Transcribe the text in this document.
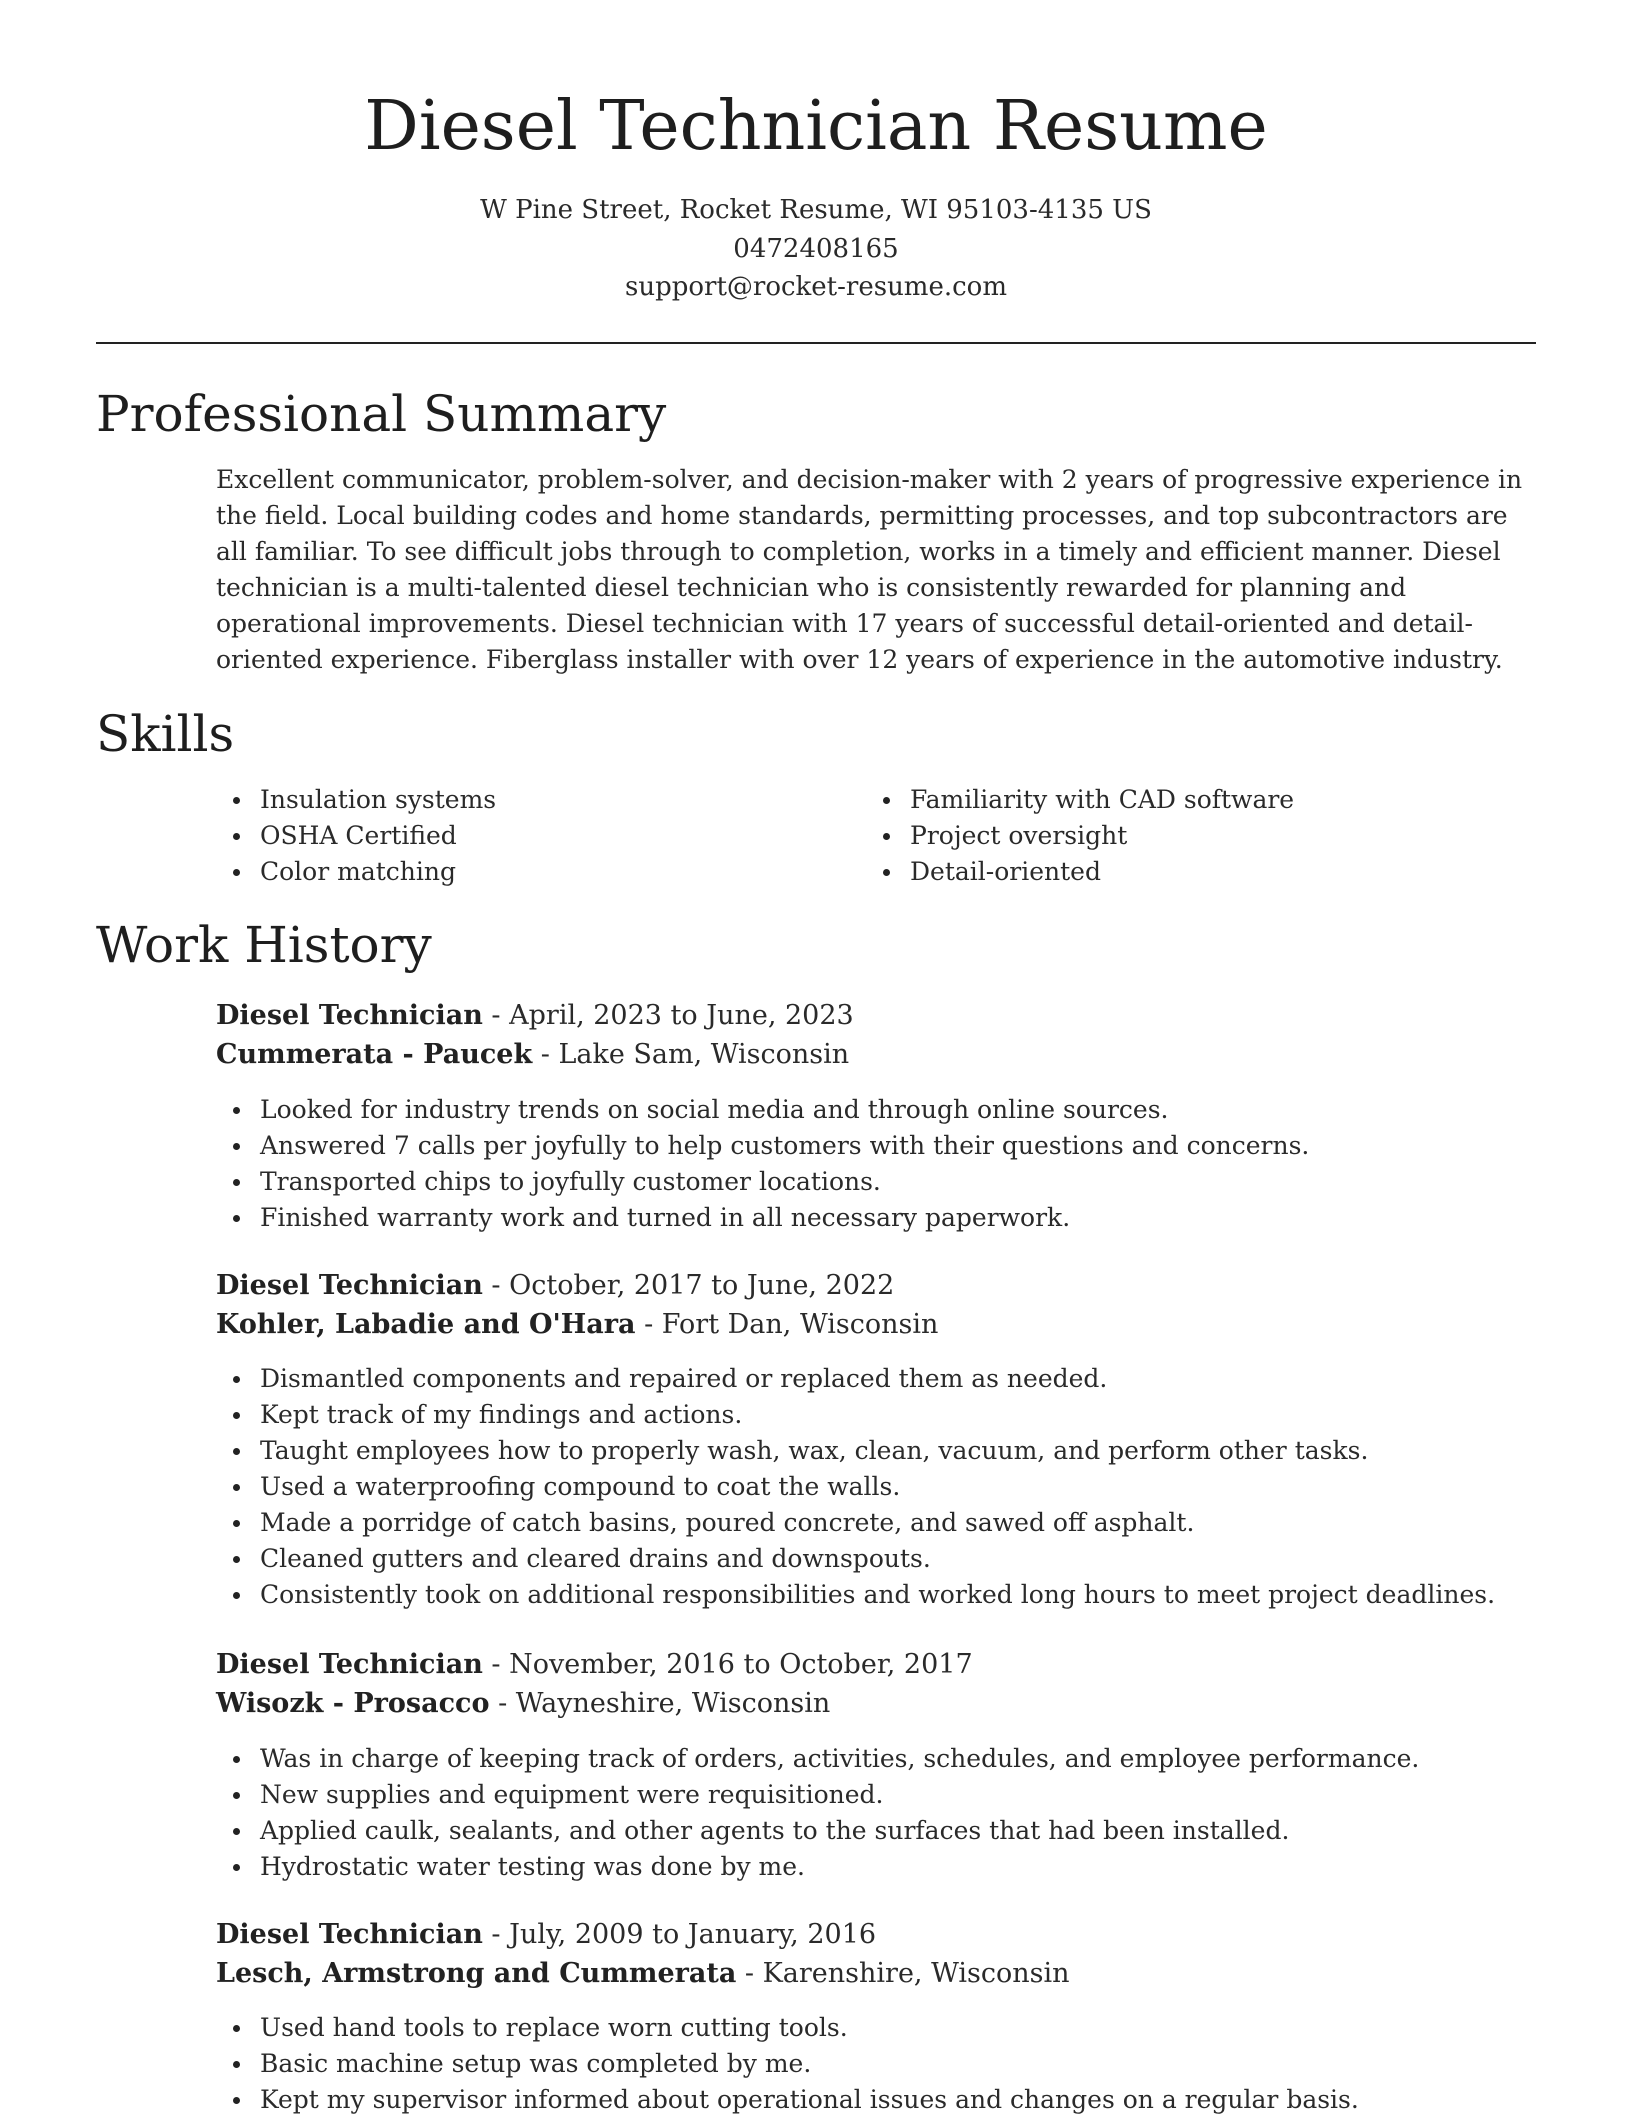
Diesel Technician Resume
W Pine Street, Rocket Resume, WI 95103-4135 US
0472408165
support@rocket-resume.com
Professional Summary

Excellent communicator, problem-solver, and decision-maker with 2 years of progressive experience in the field. Local building codes and home standards, permitting processes, and top subcontractors are all familiar. To see difficult jobs through to completion, works in a timely and efficient manner. Diesel technician is a multi-talented diesel technician who is consistently rewarded for planning and operational improvements. Diesel technician with 17 years of successful detail-oriented and detail-oriented experience. Fiberglass installer with over 12 years of experience in the automotive industry.

Skills
Insulation systems
OSHA Certified
Color matching
Familiarity with CAD software
Project oversight
Detail-oriented
Work History
Diesel Technician - April, 2023 to June, 2023
Cummerata - Paucek - Lake Sam, Wisconsin
Looked for industry trends on social media and through online sources.
Answered 7 calls per joyfully to help customers with their questions and concerns.
Transported chips to joyfully customer locations.
Finished warranty work and turned in all necessary paperwork.
Diesel Technician - October, 2017 to June, 2022
Kohler, Labadie and O'Hara - Fort Dan, Wisconsin
Dismantled components and repaired or replaced them as needed.
Kept track of my findings and actions.
Taught employees how to properly wash, wax, clean, vacuum, and perform other tasks.
Used a waterproofing compound to coat the walls.
Made a porridge of catch basins, poured concrete, and sawed off asphalt.
Cleaned gutters and cleared drains and downspouts.
Consistently took on additional responsibilities and worked long hours to meet project deadlines.
Diesel Technician - November, 2016 to October, 2017
Wisozk - Prosacco - Wayneshire, Wisconsin
Was in charge of keeping track of orders, activities, schedules, and employee performance.
New supplies and equipment were requisitioned.
Applied caulk, sealants, and other agents to the surfaces that had been installed.
Hydrostatic water testing was done by me.
Diesel Technician - July, 2009 to January, 2016
Lesch, Armstrong and Cummerata - Karenshire, Wisconsin
Used hand tools to replace worn cutting tools.
Basic machine setup was completed by me.
Kept my supervisor informed about operational issues and changes on a regular basis.
